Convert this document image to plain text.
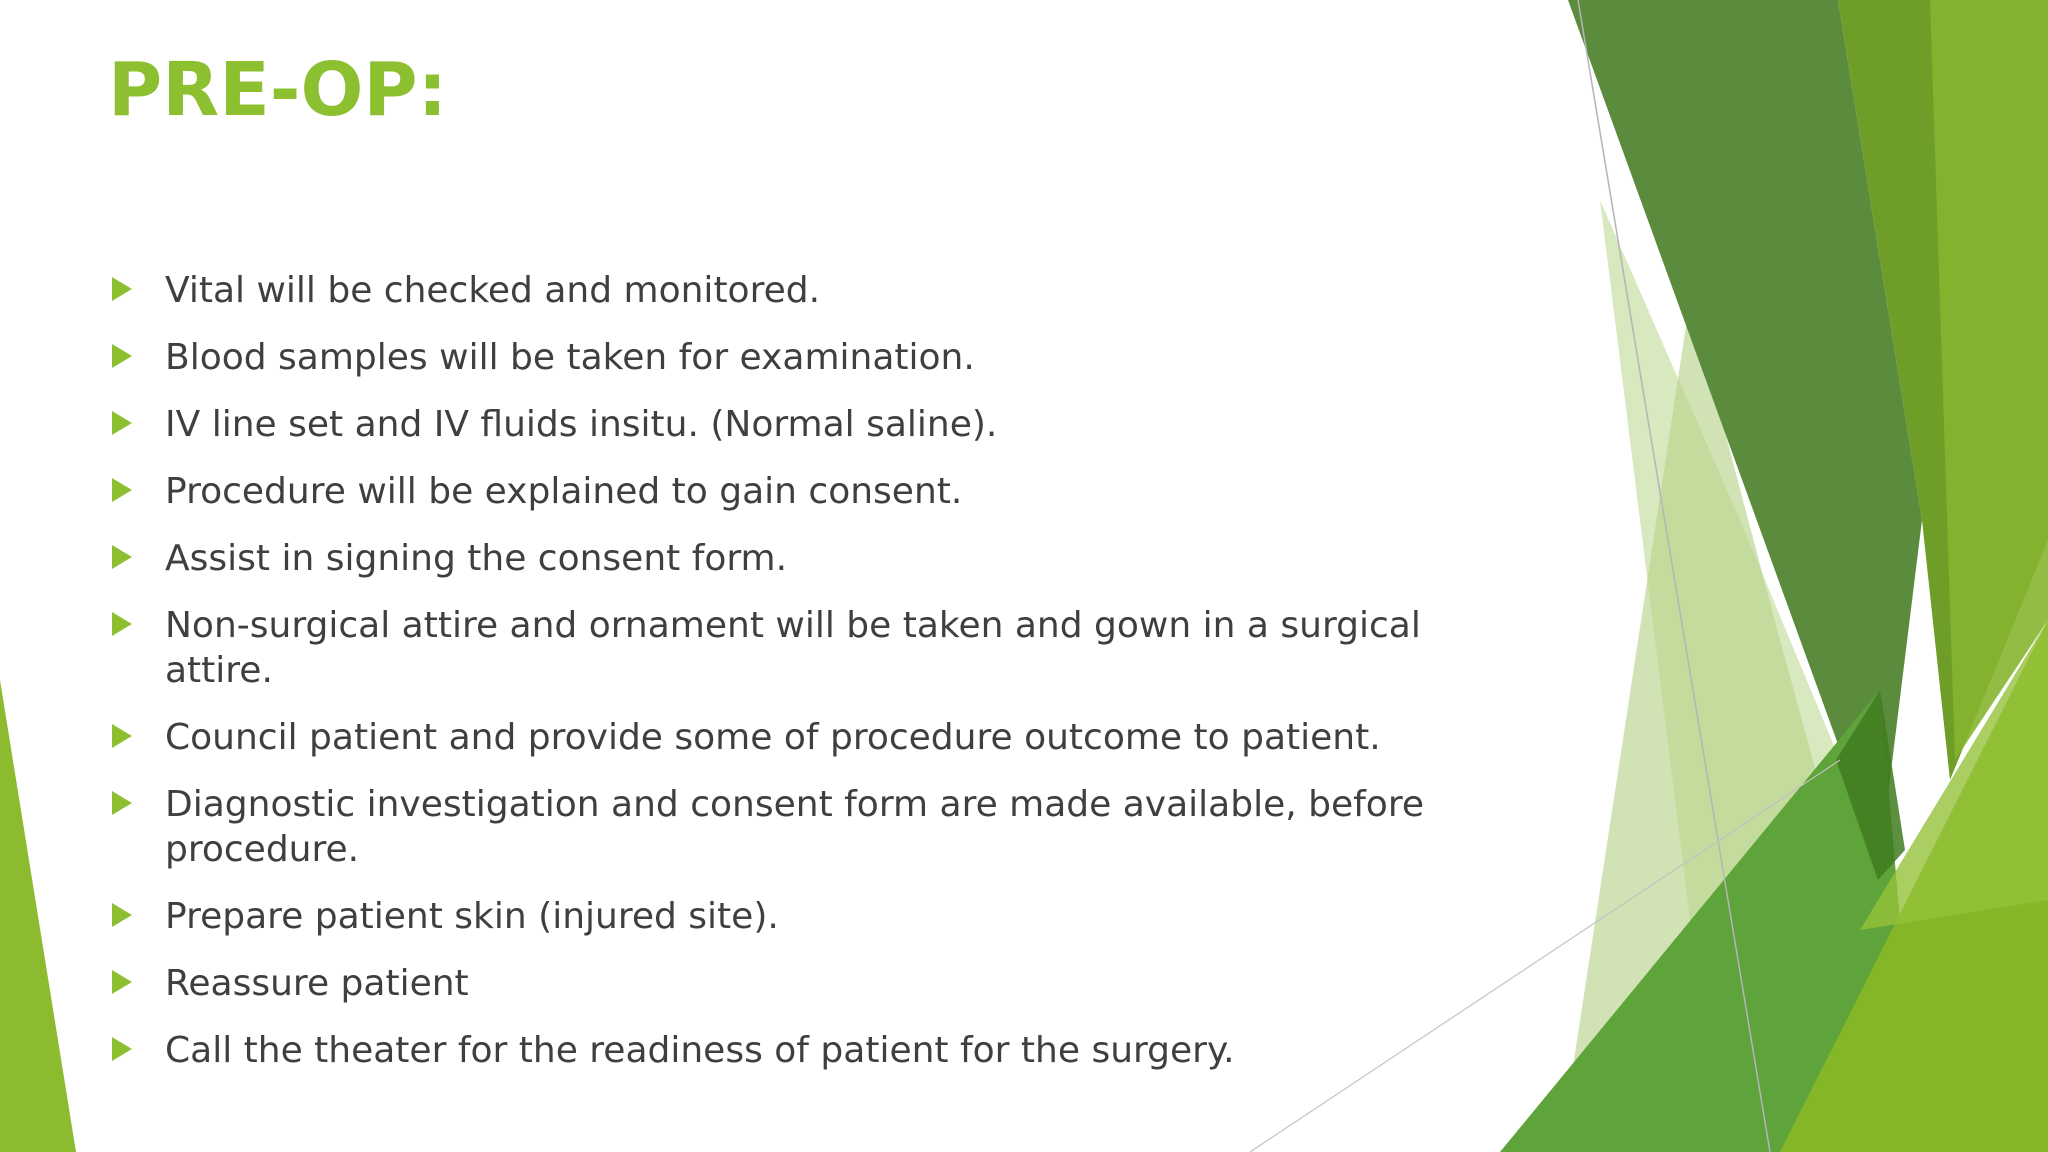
PRE-OP:
Vital will be checked and monitored.
Blood samples will be taken for examination.
IV line set and IV fluids insitu. (Normal saline).
Procedure will be explained to gain consent.
Assist in signing the consent form.
Non-surgical attire and ornament will be taken and gown in a surgical attire.
Council patient and provide some of procedure outcome to patient.
Diagnostic investigation and consent form are made available, before procedure.
Prepare patient skin (injured site).
Reassure patient
Call the theater for the readiness of patient for the surgery.
